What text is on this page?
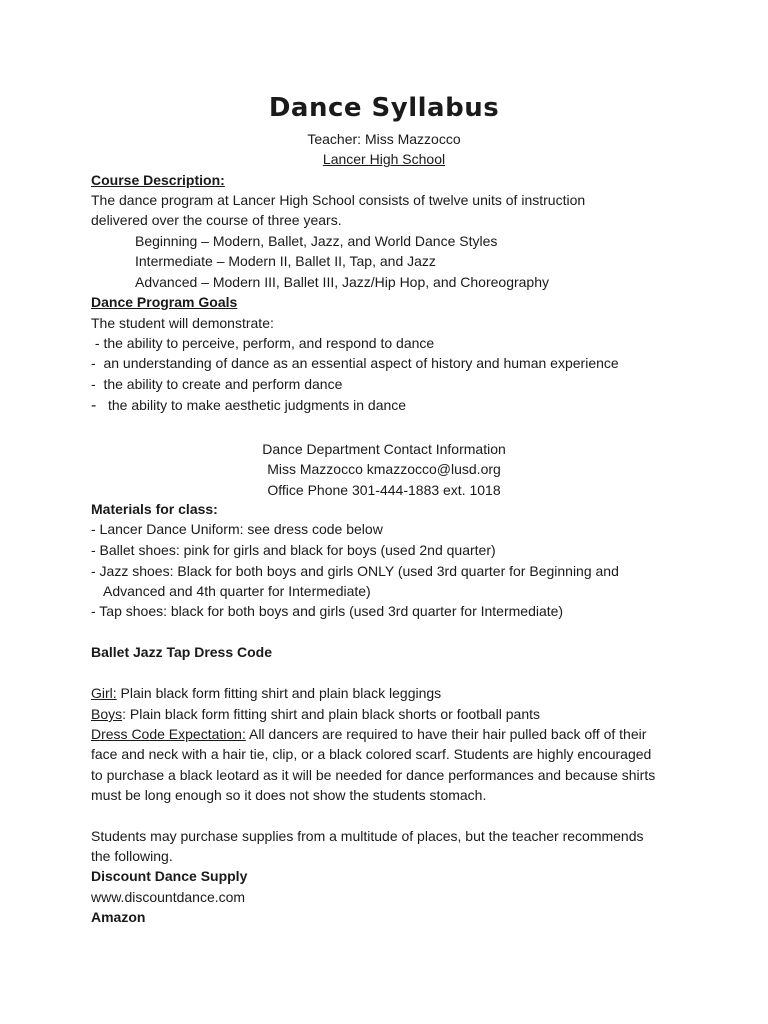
Dance Syllabus
Teacher: Miss Mazzocco
Lancer High School
Course Description:
The dance program at Lancer High School consists of twelve units of instruction
delivered over the course of three years.
Beginning – Modern, Ballet, Jazz, and World Dance Styles
Intermediate – Modern II, Ballet II, Tap, and Jazz
Advanced – Modern III, Ballet III, Jazz/Hip Hop, and Choreography
Dance Program Goals
The student will demonstrate:
- the ability to perceive, perform, and respond to dance
-  an understanding of dance as an essential aspect of history and human experience
-  the ability to create and perform dance
- the ability to make aesthetic judgments in dance
Dance Department Contact Information
Miss Mazzocco kmazzocco@lusd.org
Office Phone 301-444-1883 ext. 1018
Materials for class:
- Lancer Dance Uniform: see dress code below
- Ballet shoes: pink for girls and black for boys (used 2nd quarter)
- Jazz shoes: Black for both boys and girls ONLY (used 3rd quarter for Beginning and
Advanced and 4th quarter for Intermediate)
- Tap shoes: black for both boys and girls (used 3rd quarter for Intermediate)
Ballet Jazz Tap Dress Code
Girl: Plain black form fitting shirt and plain black leggings
Boys: Plain black form fitting shirt and plain black shorts or football pants
Dress Code Expectation: All dancers are required to have their hair pulled back off of their
face and neck with a hair tie, clip, or a black colored scarf. Students are highly encouraged
to purchase a black leotard as it will be needed for dance performances and because shirts
must be long enough so it does not show the students stomach.
Students may purchase supplies from a multitude of places, but the teacher recommends
the following.
Discount Dance Supply
www.discountdance.com
Amazon
